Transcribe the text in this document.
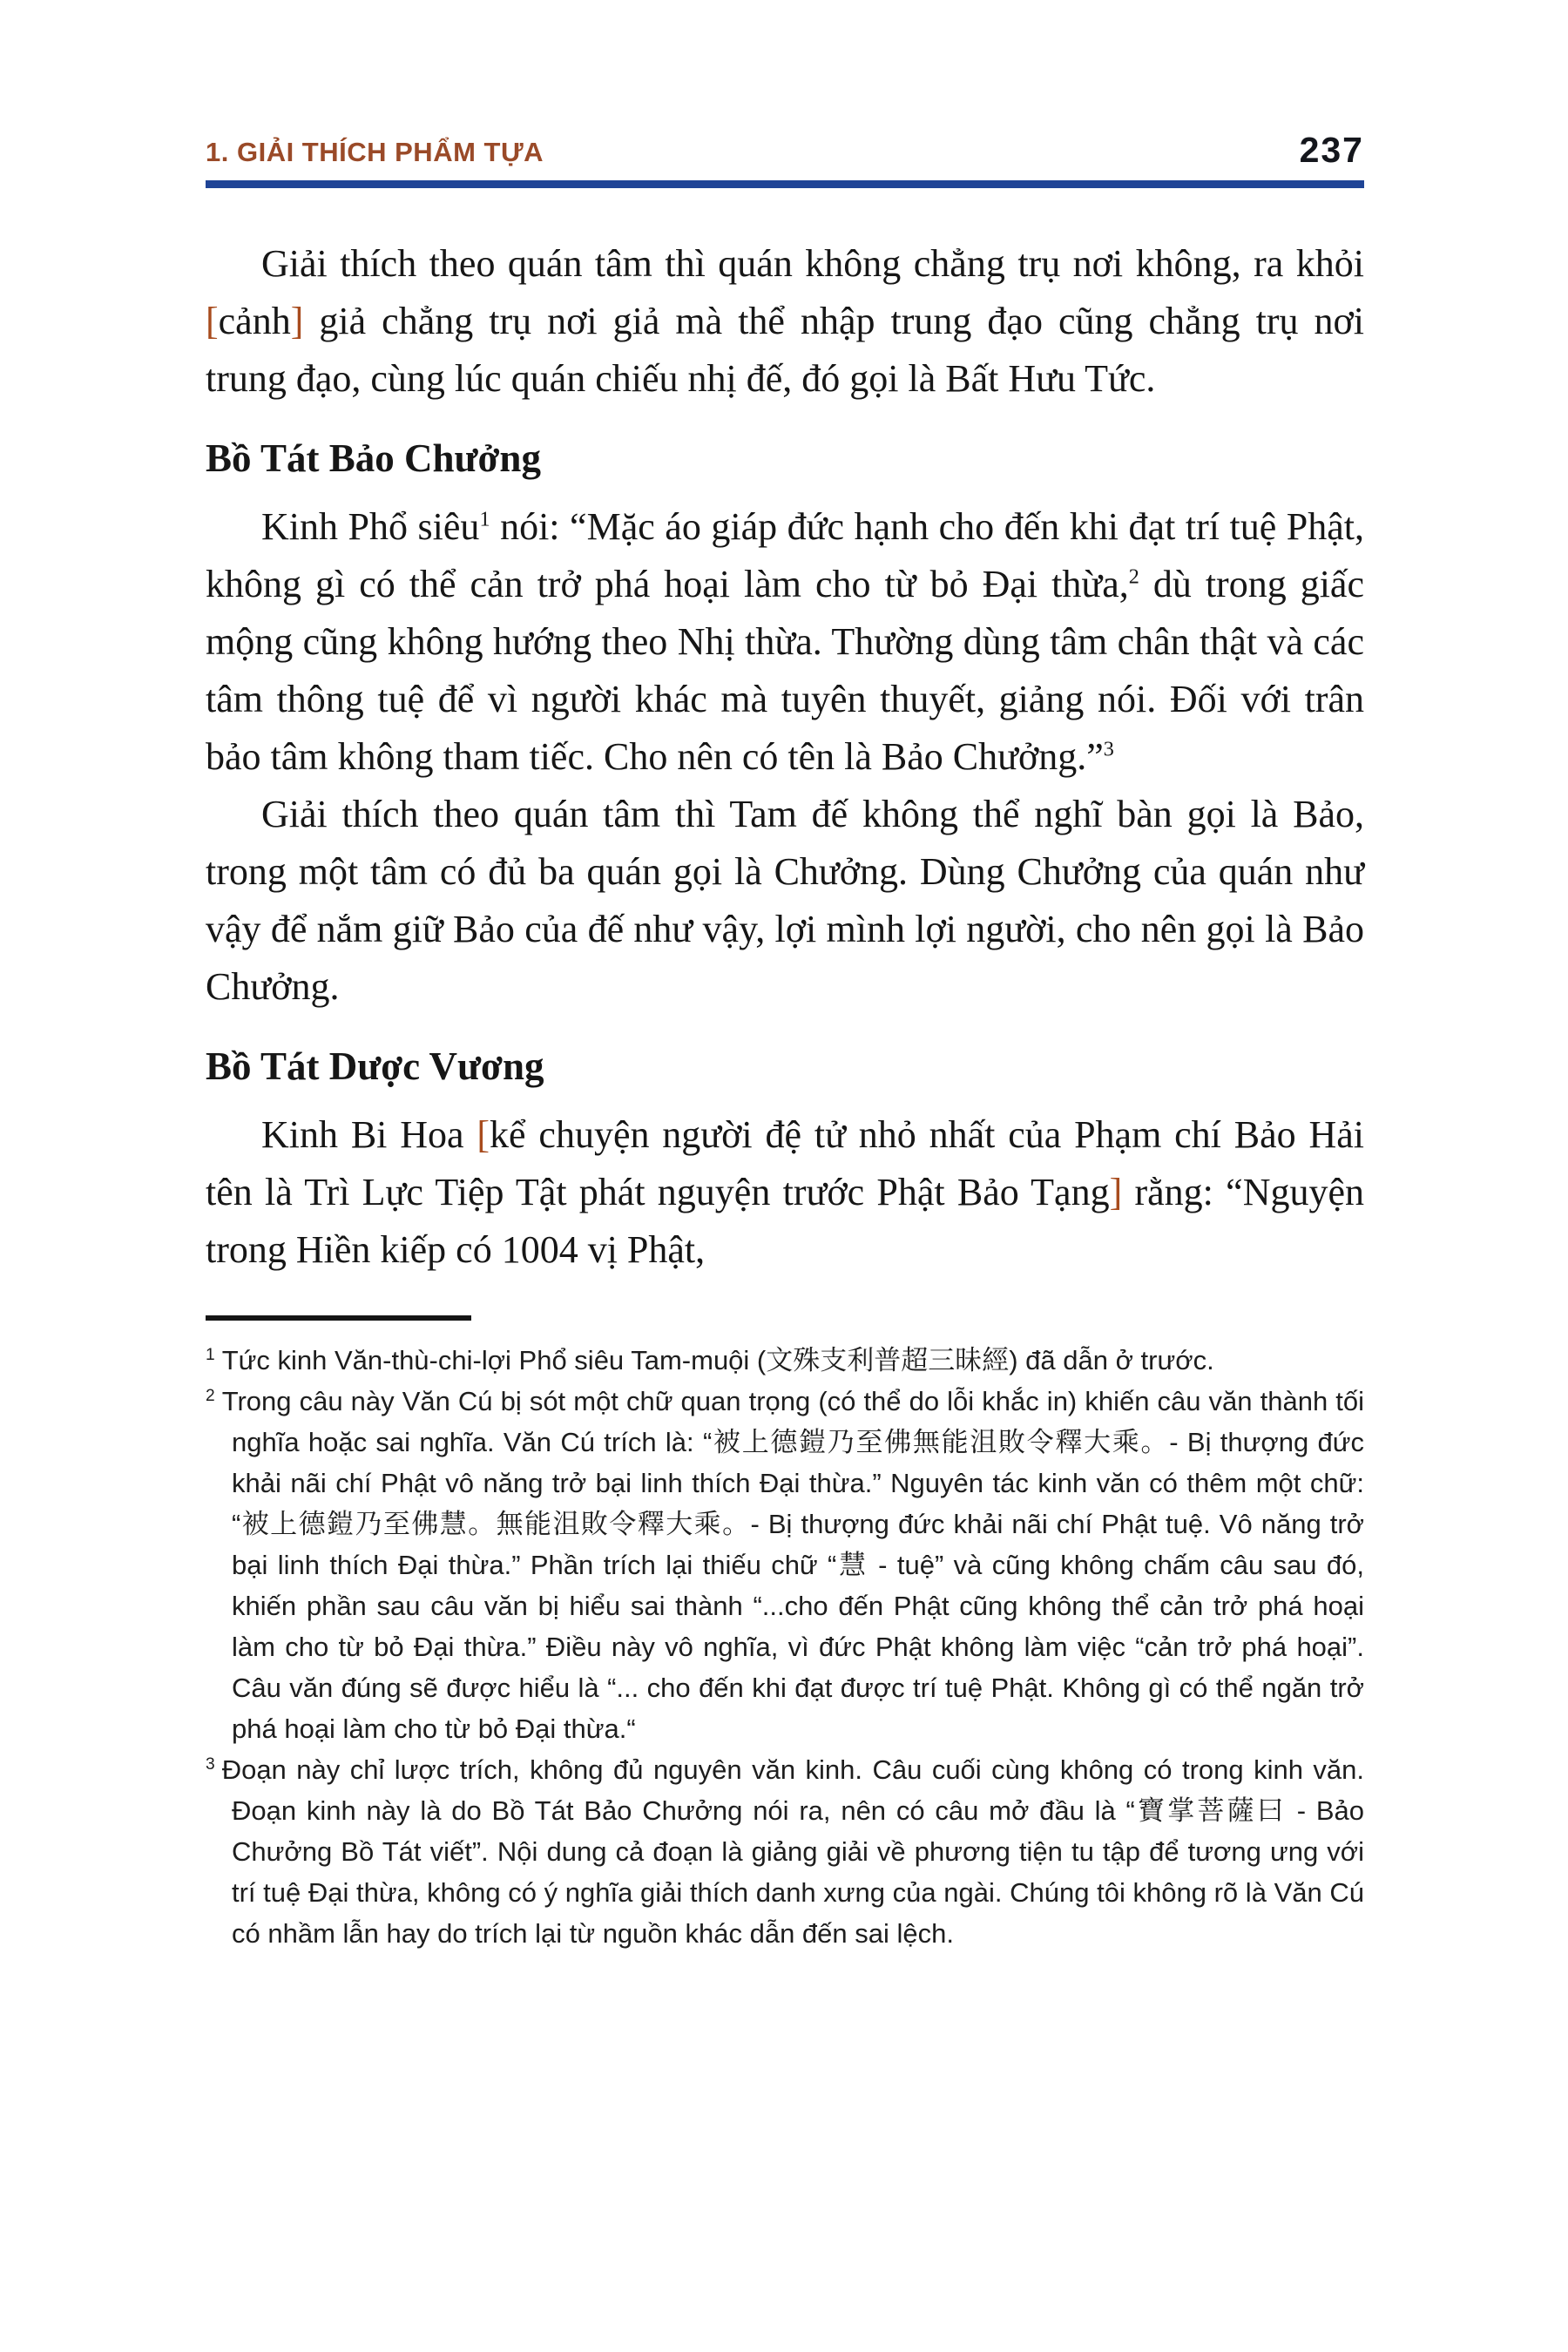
1. GIẢI THÍCH PHẨM TỰA	237

Giải thích theo quán tâm thì quán không chẳng trụ nơi không, ra khỏi [cảnh] giả chẳng trụ nơi giả mà thể nhập trung đạo cũng chẳng trụ nơi trung đạo, cùng lúc quán chiếu nhị đế, đó gọi là Bất Hưu Tức.

Bồ Tát Bảo Chưởng

Kinh Phổ siêu$^1$ nói: “Mặc áo giáp đức hạnh cho đến khi đạt trí tuệ Phật, không gì có thể cản trở phá hoại làm cho từ bỏ Đại thừa,$^2$ dù trong giấc mộng cũng không hướng theo Nhị thừa. Thường dùng tâm chân thật và các tâm thông tuệ để vì người khác mà tuyên thuyết, giảng nói. Đối với trân bảo tâm không tham tiếc. Cho nên có tên là Bảo Chưởng.”$^3$

Giải thích theo quán tâm thì Tam đế không thể nghĩ bàn gọi là Bảo, trong một tâm có đủ ba quán gọi là Chưởng. Dùng Chưởng của quán như vậy để nắm giữ Bảo của đế như vậy, lợi mình lợi người, cho nên gọi là Bảo Chưởng.

Bồ Tát Dược Vương

Kinh Bi Hoa [kể chuyện người đệ tử nhỏ nhất của Phạm chí Bảo Hải tên là Trì Lực Tiệp Tật phát nguyện trước Phật Bảo Tạng] rằng: “Nguyện trong Hiền kiếp có 1004 vị Phật,

$^1$ Tức kinh Văn-thù-chi-lợi Phổ siêu Tam-muội (文殊支利普超三昧經) đã dẫn ở trước.
$^2$ Trong câu này Văn Cú bị sót một chữ quan trọng (có thể do lỗi khắc in) khiến câu văn thành tối nghĩa hoặc sai nghĩa. Văn Cú trích là: “被上德鎧乃至佛無能沮敗令釋大乘。- Bị thượng đức khải nãi chí Phật vô năng trở bại linh thích Đại thừa.” Nguyên tác kinh văn có thêm một chữ: “被上德鎧乃至佛慧。無能沮敗令釋大乘。- Bị thượng đức khải nãi chí Phật tuệ. Vô năng trở bại linh thích Đại thừa.” Phần trích lại thiếu chữ “慧 - tuệ” và cũng không chấm câu sau đó, khiến phần sau câu văn bị hiểu sai thành “...cho đến Phật cũng không thể cản trở phá hoại làm cho từ bỏ Đại thừa.” Điều này vô nghĩa, vì đức Phật không làm việc “cản trở phá hoại”. Câu văn đúng sẽ được hiểu là “... cho đến khi đạt được trí tuệ Phật. Không gì có thể ngăn trở phá hoại làm cho từ bỏ Đại thừa.“
$^3$ Đoạn này chỉ lược trích, không đủ nguyên văn kinh. Câu cuối cùng không có trong kinh văn. Đoạn kinh này là do Bồ Tát Bảo Chưởng nói ra, nên có câu mở đầu là “寶掌菩薩曰 - Bảo Chưởng Bồ Tát viết”. Nội dung cả đoạn là giảng giải về phương tiện tu tập để tương ưng với trí tuệ Đại thừa, không có ý nghĩa giải thích danh xưng của ngài. Chúng tôi không rõ là Văn Cú có nhầm lẫn hay do trích lại từ nguồn khác dẫn đến sai lệch.
